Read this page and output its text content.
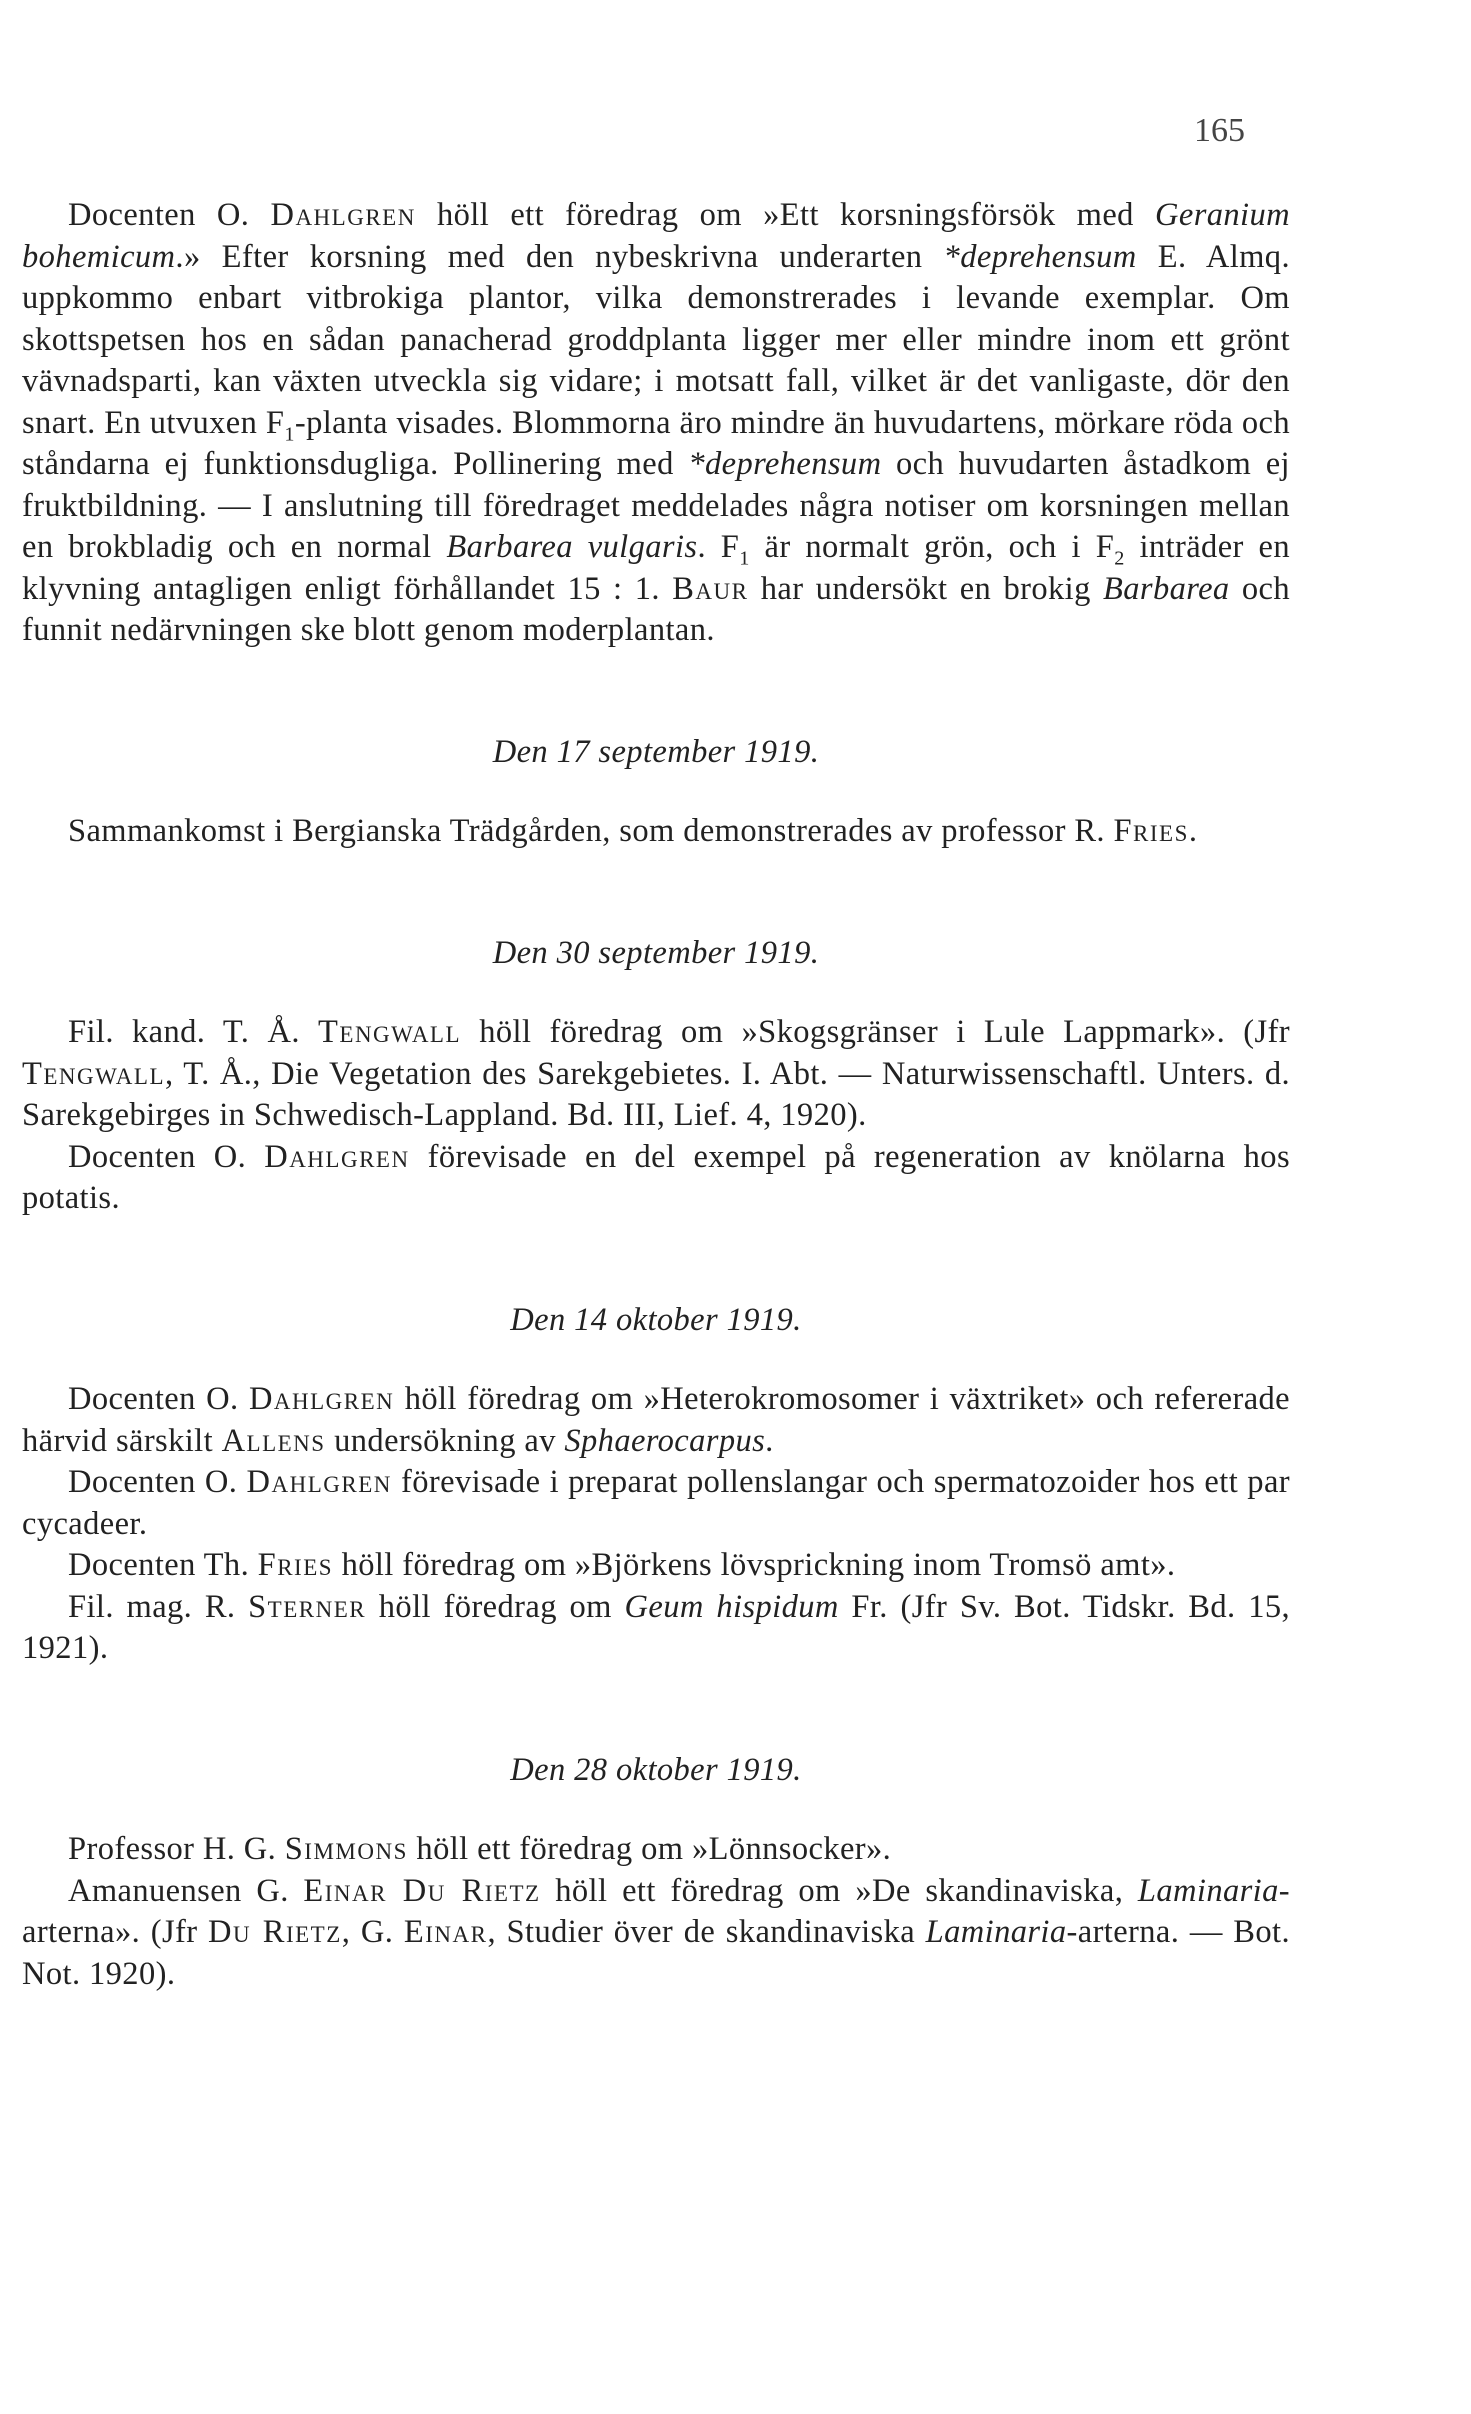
165

Docenten O. Dahlgren höll ett föredrag om »Ett korsningsförsök med Geranium bohemicum.» Efter korsning med den nybeskrivna underarten *deprehensum E. Almq. uppkommo enbart vitbrokiga plantor, vilka demonstrerades i levande exemplar. Om skottspetsen hos en sådan panacherad groddplanta ligger mer eller mindre inom ett grönt vävnadsparti, kan växten utveckla sig vidare; i motsatt fall, vilket är det vanligaste, dör den snart. En utvuxen $F_1$-planta visades. Blommorna äro mindre än huvudartens, mörkare röda och ståndarna ej funktionsdugliga. Pollinering med *deprehensum och huvudarten åstadkom ej fruktbildning. — I anslutning till föredraget meddelades några notiser om korsningen mellan en brokbladig och en normal Barbarea vulgaris. $F_1$ är normalt grön, och i $F_2$ inträder en klyvning antagligen enligt förhållandet 15 : 1. Baur har undersökt en brokig Barbarea och funnit nedärvningen ske blott genom moderplantan.

Den 17 september 1919.

Sammankomst i Bergianska Trädgården, som demonstrerades av professor R. Fries.

Den 30 september 1919.

Fil. kand. T. Å. Tengwall höll föredrag om »Skogsgränser i Lule Lappmark». (Jfr Tengwall, T. Å., Die Vegetation des Sarekgebietes. I. Abt. — Naturwissenschaftl. Unters. d. Sarekgebirges in Schwedisch-Lappland. Bd. III, Lief. 4, 1920).

Docenten O. Dahlgren förevisade en del exempel på regeneration av knölarna hos potatis.

Den 14 oktober 1919.

Docenten O. Dahlgren höll föredrag om »Heterokromosomer i växtriket» och refererade härvid särskilt Allens undersökning av Sphaerocarpus.

Docenten O. Dahlgren förevisade i preparat pollenslangar och spermatozoider hos ett par cycadeer.

Docenten Th. Fries höll föredrag om »Björkens lövsprickning inom Tromsö amt».

Fil. mag. R. Sterner höll föredrag om Geum hispidum Fr. (Jfr Sv. Bot. Tidskr. Bd. 15, 1921).

Den 28 oktober 1919.

Professor H. G. Simmons höll ett föredrag om »Lönnsocker».

Amanuensen G. Einar Du Rietz höll ett föredrag om »De skandinaviska, Laminaria-arterna». (Jfr Du Rietz, G. Einar, Studier över de skandinaviska Laminaria-arterna. — Bot. Not. 1920).
